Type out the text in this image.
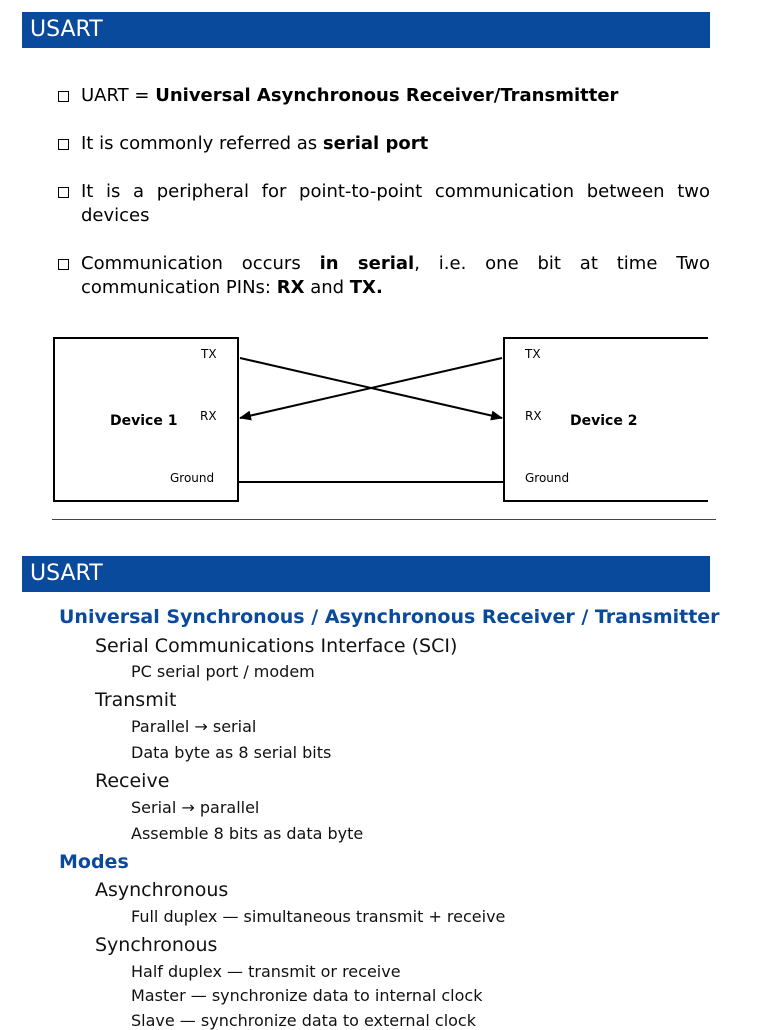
USART
UART = Universal Asynchronous Receiver/Transmitter
It is commonly referred as serial port
It is a peripheral for point-to-point communication between two devices
Communication occurs in serial, i.e. one bit at time Two communication PINs: RX and TX.
Device 1
TX
RX
Ground
TX
RX
Ground
Device 2
USART
Universal Synchronous / Asynchronous Receiver / Transmitter
Serial Communications Interface (SCI)
PC serial port / modem
Transmit
Parallel → serial
Data byte as 8 serial bits
Receive
Serial → parallel
Assemble 8 bits as data byte
Modes
Asynchronous
Full duplex — simultaneous transmit + receive
Synchronous
Half duplex — transmit or receive
Master — synchronize data to internal clock
Slave — synchronize data to external clock
